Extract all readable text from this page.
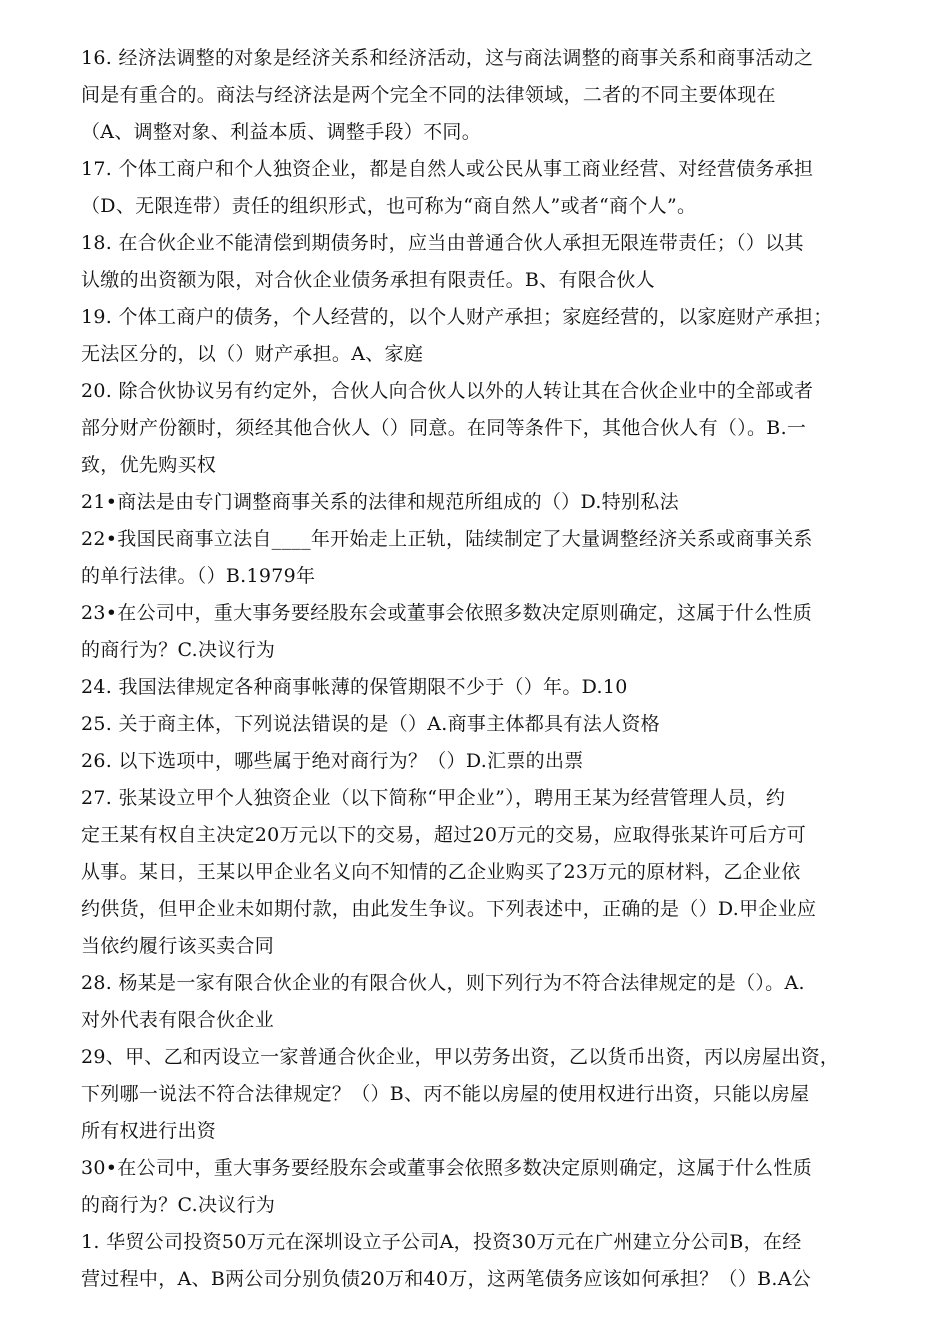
16. 经济法调整的对象是经济关系和经济活动，这与商法调整的商事关系和商事活动之
间是有重合的。商法与经济法是两个完全不同的法律领域，二者的不同主要体现在
（A、调整对象、利益本质、调整手段）不同。
17. 个体工商户和个人独资企业，都是自然人或公民从事工商业经营、对经营债务承担
（D、无限连带）责任的组织形式，也可称为“商自然人”或者“商个人”。
18. 在合伙企业不能清偿到期债务时，应当由普通合伙人承担无限连带责任；（）以其
认缴的出资额为限，对合伙企业债务承担有限责任。B、有限合伙人
19. 个体工商户的债务，个人经营的，以个人财产承担；家庭经营的，以家庭财产承担；
无法区分的，以（）财产承担。A、家庭
20. 除合伙协议另有约定外，合伙人向合伙人以外的人转让其在合伙企业中的全部或者
部分财产份额时，须经其他合伙人（）同意。在同等条件下，其他合伙人有（）。B.一
致，优先购买权
21•商法是由专门调整商事关系的法律和规范所组成的（）D.特别私法
22•我国民商事立法自____年开始走上正轨，陆续制定了大量调整经济关系或商事关系
的单行法律。（）B.1979年
23•在公司中，重大事务要经股东会或董事会依照多数决定原则确定，这属于什么性质
的商行为？C.决议行为
24. 我国法律规定各种商事帐薄的保管期限不少于（）年。D.10
25. 关于商主体，下列说法错误的是（）A.商事主体都具有法人资格
26. 以下选项中，哪些属于绝对商行为？（）D.汇票的出票
27. 张某设立甲个人独资企业（以下简称“甲企业”），聘用王某为经营管理人员，约
定王某有权自主决定20万元以下的交易，超过20万元的交易，应取得张某许可后方可
从事。某日，王某以甲企业名义向不知情的乙企业购买了23万元的原材料，乙企业依
约供货，但甲企业未如期付款，由此发生争议。下列表述中，正确的是（）D.甲企业应
当依约履行该买卖合同
28. 杨某是一家有限合伙企业的有限合伙人，则下列行为不符合法律规定的是（）。A.
对外代表有限合伙企业
29、甲、乙和丙设立一家普通合伙企业，甲以劳务出资，乙以货币出资，丙以房屋出资，
下列哪一说法不符合法律规定？（）B、丙不能以房屋的使用权进行出资，只能以房屋
所有权进行出资
30•在公司中，重大事务要经股东会或董事会依照多数决定原则确定，这属于什么性质
的商行为？C.决议行为
1. 华贸公司投资50万元在深圳设立子公司A，投资30万元在广州建立分公司B，在经
营过程中，A、B两公司分别负债20万和40万，这两笔债务应该如何承担？（）B.A公
